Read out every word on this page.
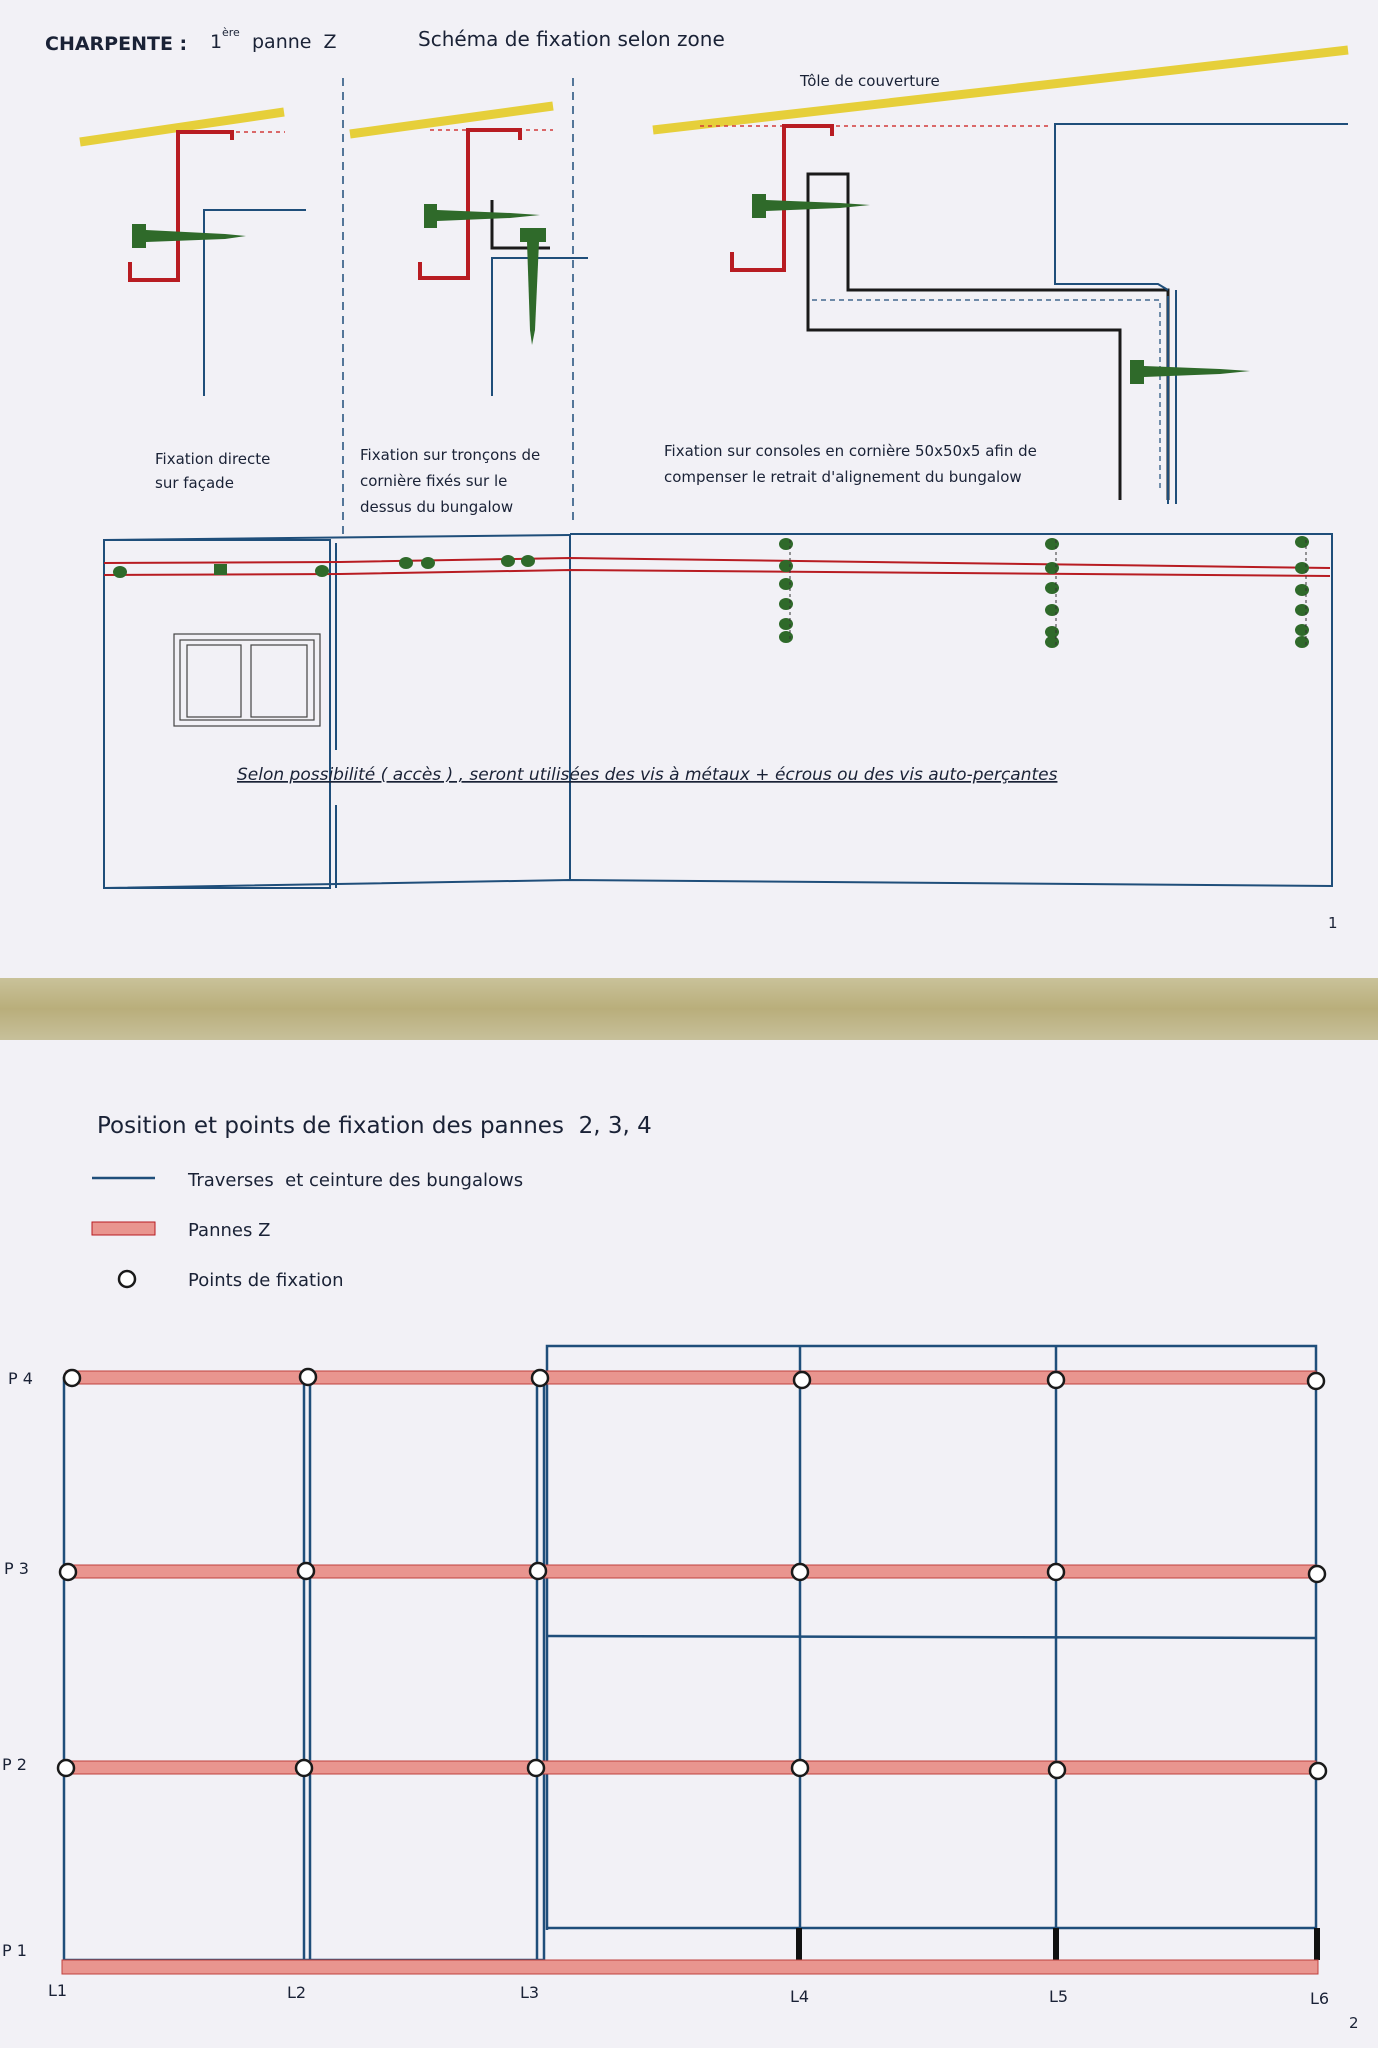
CHARPENTE : 1 ère panne  Z	Schéma de fixation selon zone
Tôle de couverture
Fixation directe
sur façade
Fixation sur tronçons de
cornière fixés sur le
dessus du bungalow
Fixation sur consoles en cornière 50x50x5 afin de
compenser le retrait d'alignement du bungalow
Selon possibilité ( accès ) , seront utilisées des vis à métaux + écrous ou des vis auto-perçantes
1
Position et points de fixation des pannes  2, 3, 4
Traverses  et ceinture des bungalows
Pannes Z
Points de fixation
P 4
P 3
P 2
P 1
L1	L2	L3	L4	L5	L6
2
